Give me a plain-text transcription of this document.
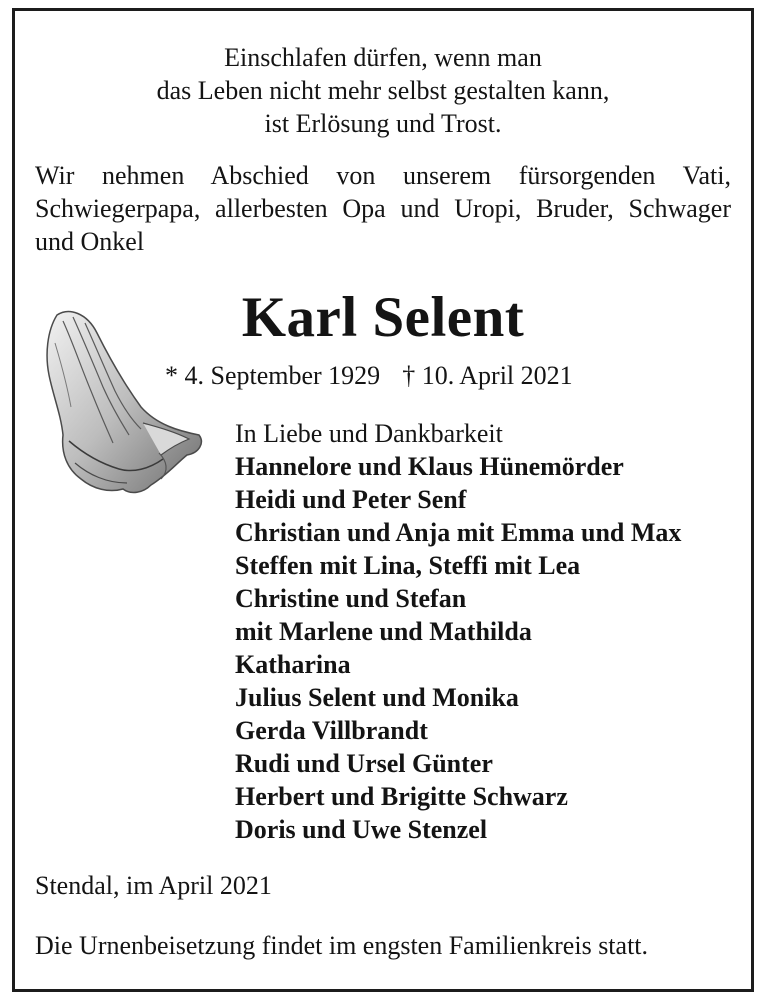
Einschlafen dürfen, wenn man
das Leben nicht mehr selbst gestalten kann,
ist Erlösung und Trost.
Wir nehmen Abschied von unserem fürsorgenden Vati,
Schwiegerpapa, allerbesten Opa und Uropi, Bruder, Schwager
und Onkel
Karl Selent
* 4. September 1929 † 10. April 2021
In Liebe und Dankbarkeit
Hannelore und Klaus Hünemörder
Heidi und Peter Senf
Christian und Anja mit Emma und Max
Steffen mit Lina, Steffi mit Lea
Christine und Stefan
mit Marlene und Mathilda
Katharina
Julius Selent und Monika
Gerda Villbrandt
Rudi und Ursel Günter
Herbert und Brigitte Schwarz
Doris und Uwe Stenzel
Stendal, im April 2021
Die Urnenbeisetzung findet im engsten Familienkreis statt.
